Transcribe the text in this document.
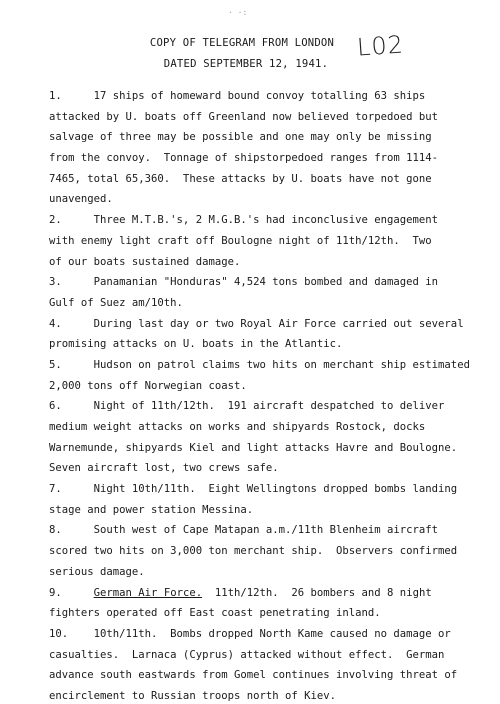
· ·:
COPY OF TELEGRAM FROM LONDON
DATED SEPTEMBER 12, 1941.
L02
1.     17 ships of homeward bound convoy totalling 63 ships
attacked by U. boats off Greenland now believed torpedoed but
salvage of three may be possible and one may only be missing
from the convoy.  Tonnage of shipstorpedoed ranges from 1114-
7465, total 65,360.  These attacks by U. boats have not gone
unavenged.
2.     Three M.T.B.'s, 2 M.G.B.'s had inconclusive engagement
with enemy light craft off Boulogne night of 11th/12th.  Two
of our boats sustained damage.
3.     Panamanian "Honduras" 4,524 tons bombed and damaged in
Gulf of Suez am/10th.
4.     During last day or two Royal Air Force carried out several
promising attacks on U. boats in the Atlantic.
5.     Hudson on patrol claims two hits on merchant ship estimated
2,000 tons off Norwegian coast.
6.     Night of 11th/12th.  191 aircraft despatched to deliver
medium weight attacks on works and shipyards Rostock, docks
Warnemunde, shipyards Kiel and light attacks Havre and Boulogne.
Seven aircraft lost, two crews safe.
7.     Night 10th/11th.  Eight Wellingtons dropped bombs landing
stage and power station Messina.
8.     South west of Cape Matapan a.m./11th Blenheim aircraft
scored two hits on 3,000 ton merchant ship.  Observers confirmed
serious damage.
9.     German Air Force.  11th/12th.  26 bombers and 8 night
fighters operated off East coast penetrating inland.
10.    10th/11th.  Bombs dropped North Kame caused no damage or
casualties.  Larnaca (Cyprus) attacked without effect.  German
advance south eastwards from Gomel continues involving threat of
encirclement to Russian troops north of Kiev.
